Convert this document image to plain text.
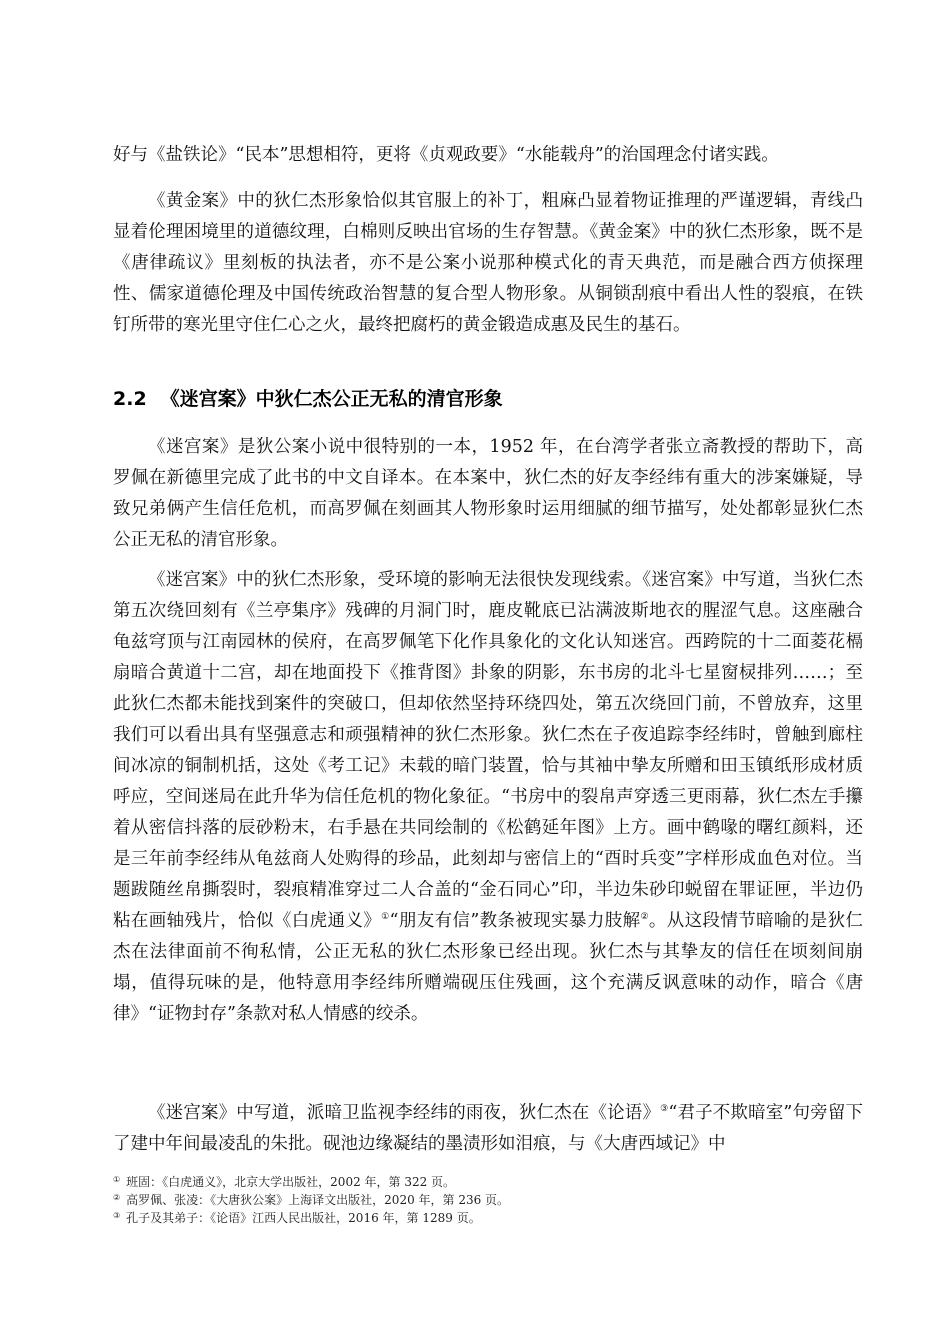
好与《盐铁论》“民本”思想相符，更将《贞观政要》“水能载舟”的治国理念付诸实践。

《黄金案》中的狄仁杰形象恰似其官服上的补丁，粗麻凸显着物证推理的严谨逻辑，青线凸显着伦理困境里的道德纹理，白棉则反映出官场的生存智慧。《黄金案》中的狄仁杰形象，既不是《唐律疏议》里刻板的执法者，亦不是公案小说那种模式化的青天典范，而是融合西方侦探理性、儒家道德伦理及中国传统政治智慧的复合型人物形象。从铜锁刮痕中看出人性的裂痕，在铁钉所带的寒光里守住仁心之火，最终把腐朽的黄金锻造成惠及民生的基石。

2.2 《迷宫案》中狄仁杰公正无私的清官形象

《迷宫案》是狄公案小说中很特别的一本，1952 年，在台湾学者张立斋教授的帮助下，高罗佩在新德里完成了此书的中文自译本。在本案中，狄仁杰的好友李经纬有重大的涉案嫌疑，导致兄弟俩产生信任危机，而高罗佩在刻画其人物形象时运用细腻的细节描写，处处都彰显狄仁杰公正无私的清官形象。

《迷宫案》中的狄仁杰形象，受环境的影响无法很快发现线索。《迷宫案》中写道，当狄仁杰第五次绕回刻有《兰亭集序》残碑的月洞门时，鹿皮靴底已沾满波斯地衣的腥涩气息。这座融合龟兹穹顶与江南园林的侯府，在高罗佩笔下化作具象化的文化认知迷宫。西跨院的十二面菱花槅扇暗合黄道十二宫，却在地面投下《推背图》卦象的阴影，东书房的北斗七星窗棂排列……；至此狄仁杰都未能找到案件的突破口，但却依然坚持环绕四处，第五次绕回门前，不曾放弃，这里我们可以看出具有坚强意志和顽强精神的狄仁杰形象。狄仁杰在子夜追踪李经纬时，曾触到廊柱间冰凉的铜制机括，这处《考工记》未载的暗门装置，恰与其袖中挚友所赠和田玉镇纸形成材质呼应，空间迷局在此升华为信任危机的物化象征。“书房中的裂帛声穿透三更雨幕，狄仁杰左手攥着从密信抖落的辰砂粉末，右手悬在共同绘制的《松鹤延年图》上方。画中鹤喙的曙红颜料，还是三年前李经纬从龟兹商人处购得的珍品，此刻却与密信上的“酉时兵变”字样形成血色对位。当题跋随丝帛撕裂时，裂痕精准穿过二人合盖的“金石同心”印，半边朱砂印蜕留在罪证匣，半边仍粘在画轴残片，恰似《白虎通义》①“朋友有信”教条被现实暴力肢解②。从这段情节暗喻的是狄仁杰在法律面前不徇私情，公正无私的狄仁杰形象已经出现。狄仁杰与其挚友的信任在顷刻间崩塌，值得玩味的是，他特意用李经纬所赠端砚压住残画，这个充满反讽意味的动作，暗合《唐律》“证物封存”条款对私人情感的绞杀。

《迷宫案》中写道，派暗卫监视李经纬的雨夜，狄仁杰在《论语》③“君子不欺暗室”句旁留下了建中年间最凌乱的朱批。砚池边缘凝结的墨渍形如泪痕，与《大唐西域记》中

① 班固：《白虎通义》，北京大学出版社，2002 年，第 322 页。

② 高罗佩、张凌：《大唐狄公案》上海译文出版社，2020 年，第 236 页。

③ 孔子及其弟子：《论语》江西人民出版社，2016 年，第 1289 页。
